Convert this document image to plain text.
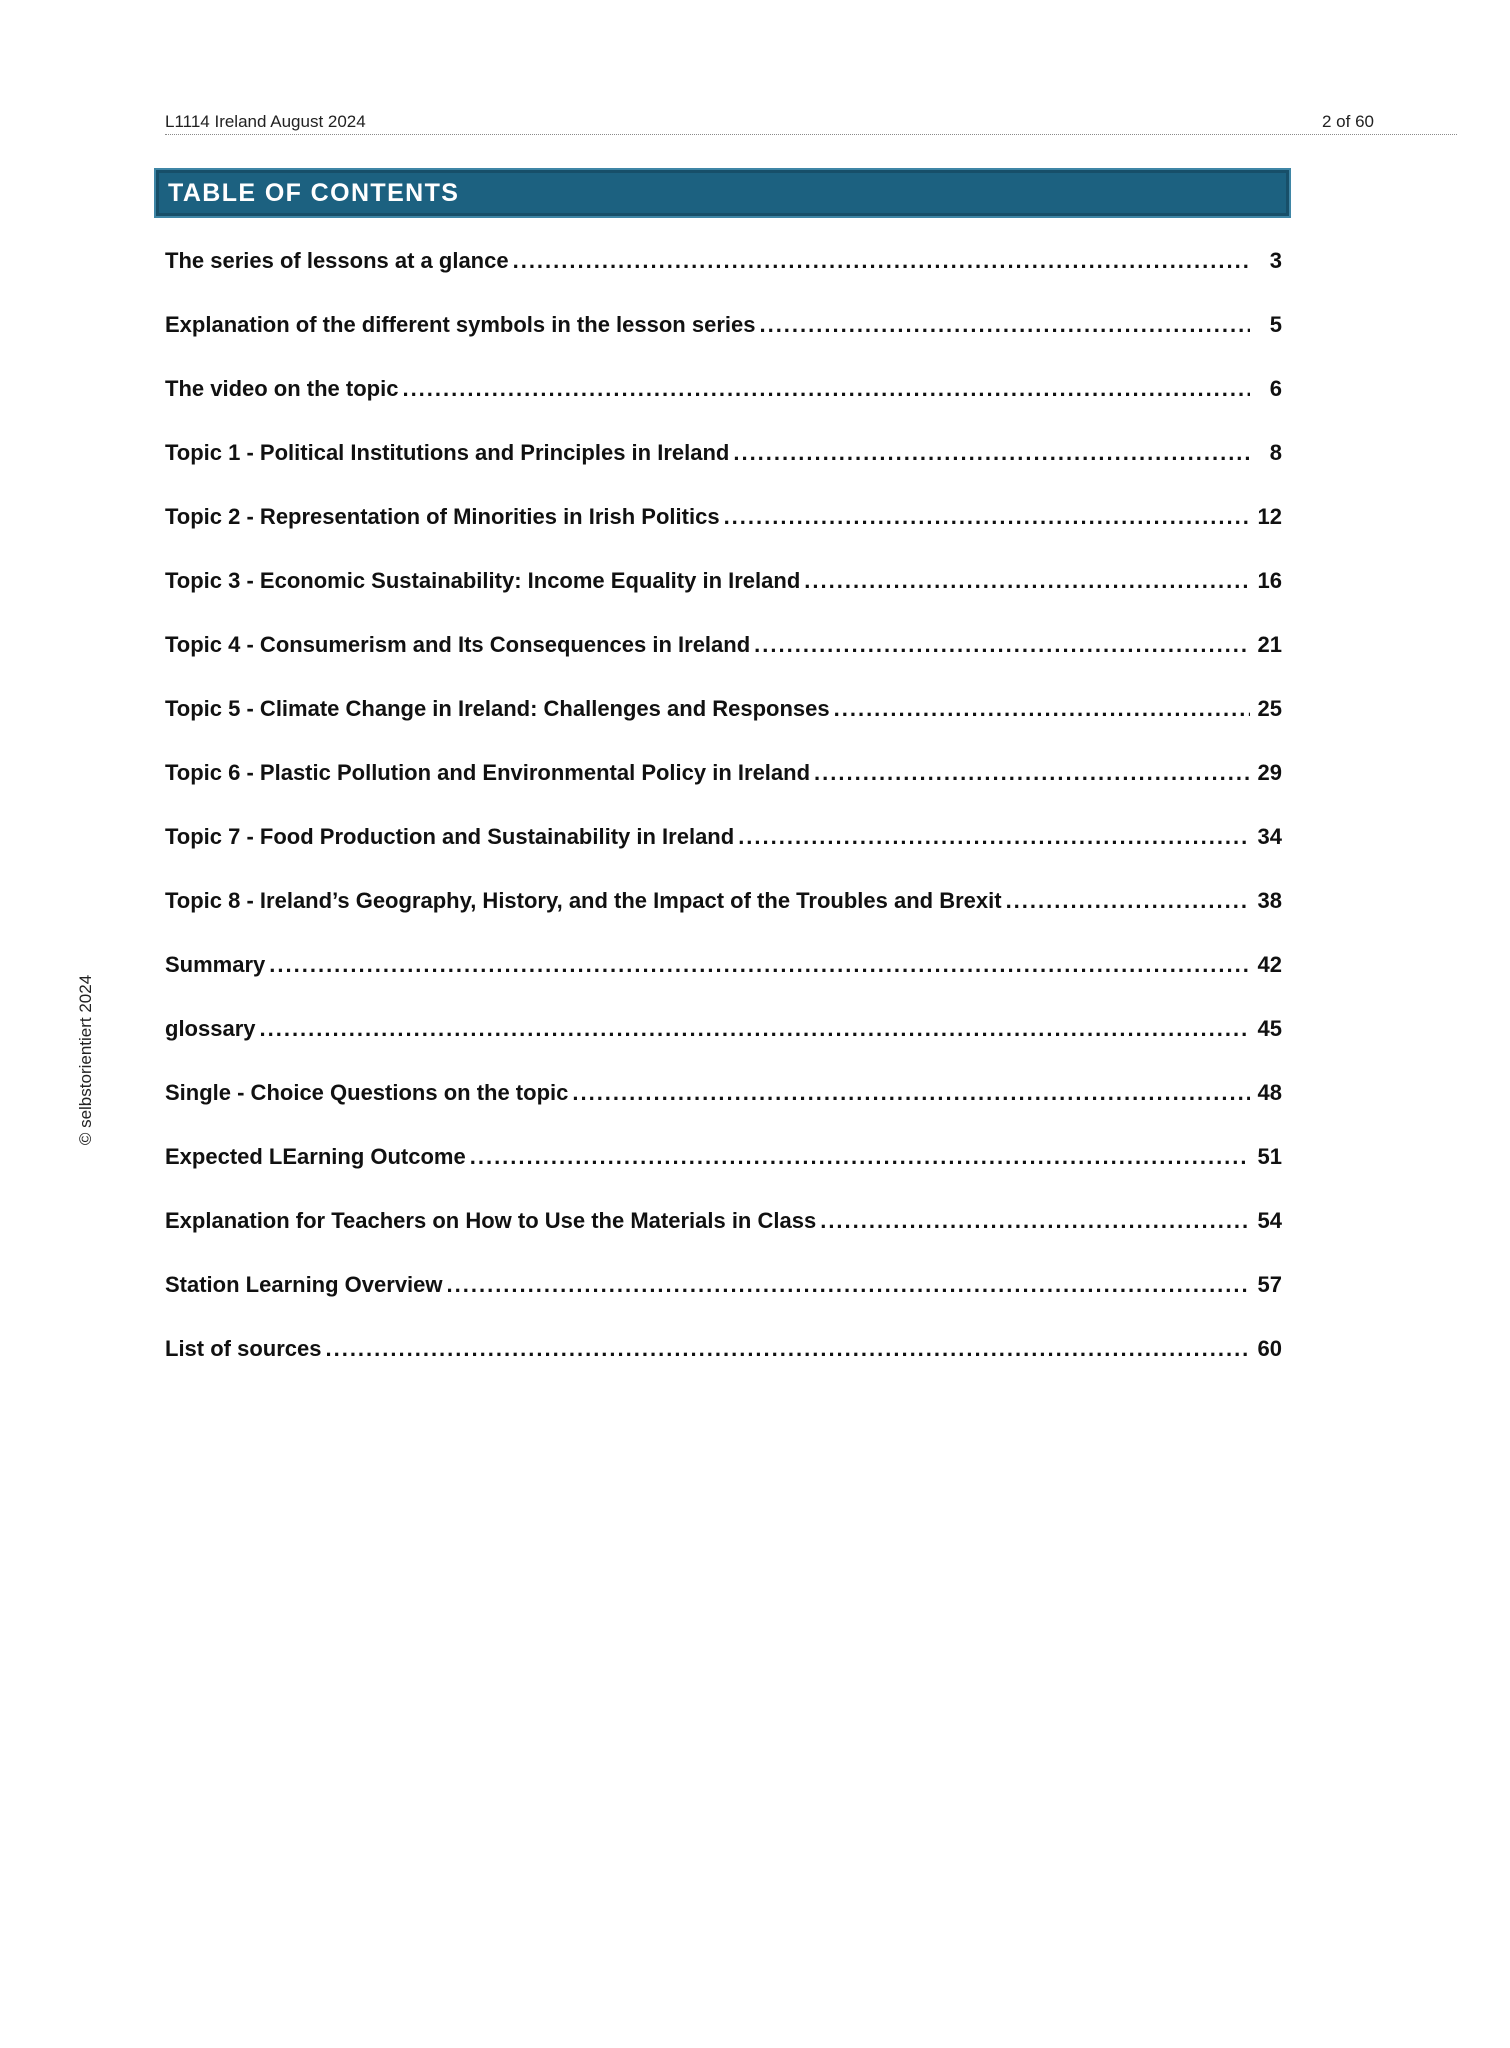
L1114 Ireland August 2024	2 of 60
TABLE OF CONTENTS
The series of lessons at a glance .....	3
Explanation of the different symbols in the lesson series .....	5
The video on the topic .....	6
Topic 1 - Political Institutions and Principles in Ireland .....	8
Topic 2 - Representation of Minorities in Irish Politics .....	12
Topic 3 - Economic Sustainability: Income Equality in Ireland .....	16
Topic 4 - Consumerism and Its Consequences in Ireland .....	21
Topic 5 - Climate Change in Ireland: Challenges and Responses .....	25
Topic 6 - Plastic Pollution and Environmental Policy in Ireland .....	29
Topic 7 - Food Production and Sustainability in Ireland .....	34
Topic 8 - Ireland’s Geography, History, and the Impact of the Troubles and Brexit .....	38
Summary .....	42
glossary .....	45
Single - Choice Questions on the topic .....	48
Expected LEarning Outcome .....	51
Explanation for Teachers on How to Use the Materials in Class .....	54
Station Learning Overview .....	57
List of sources .....	60
© selbstorientiert 2024
